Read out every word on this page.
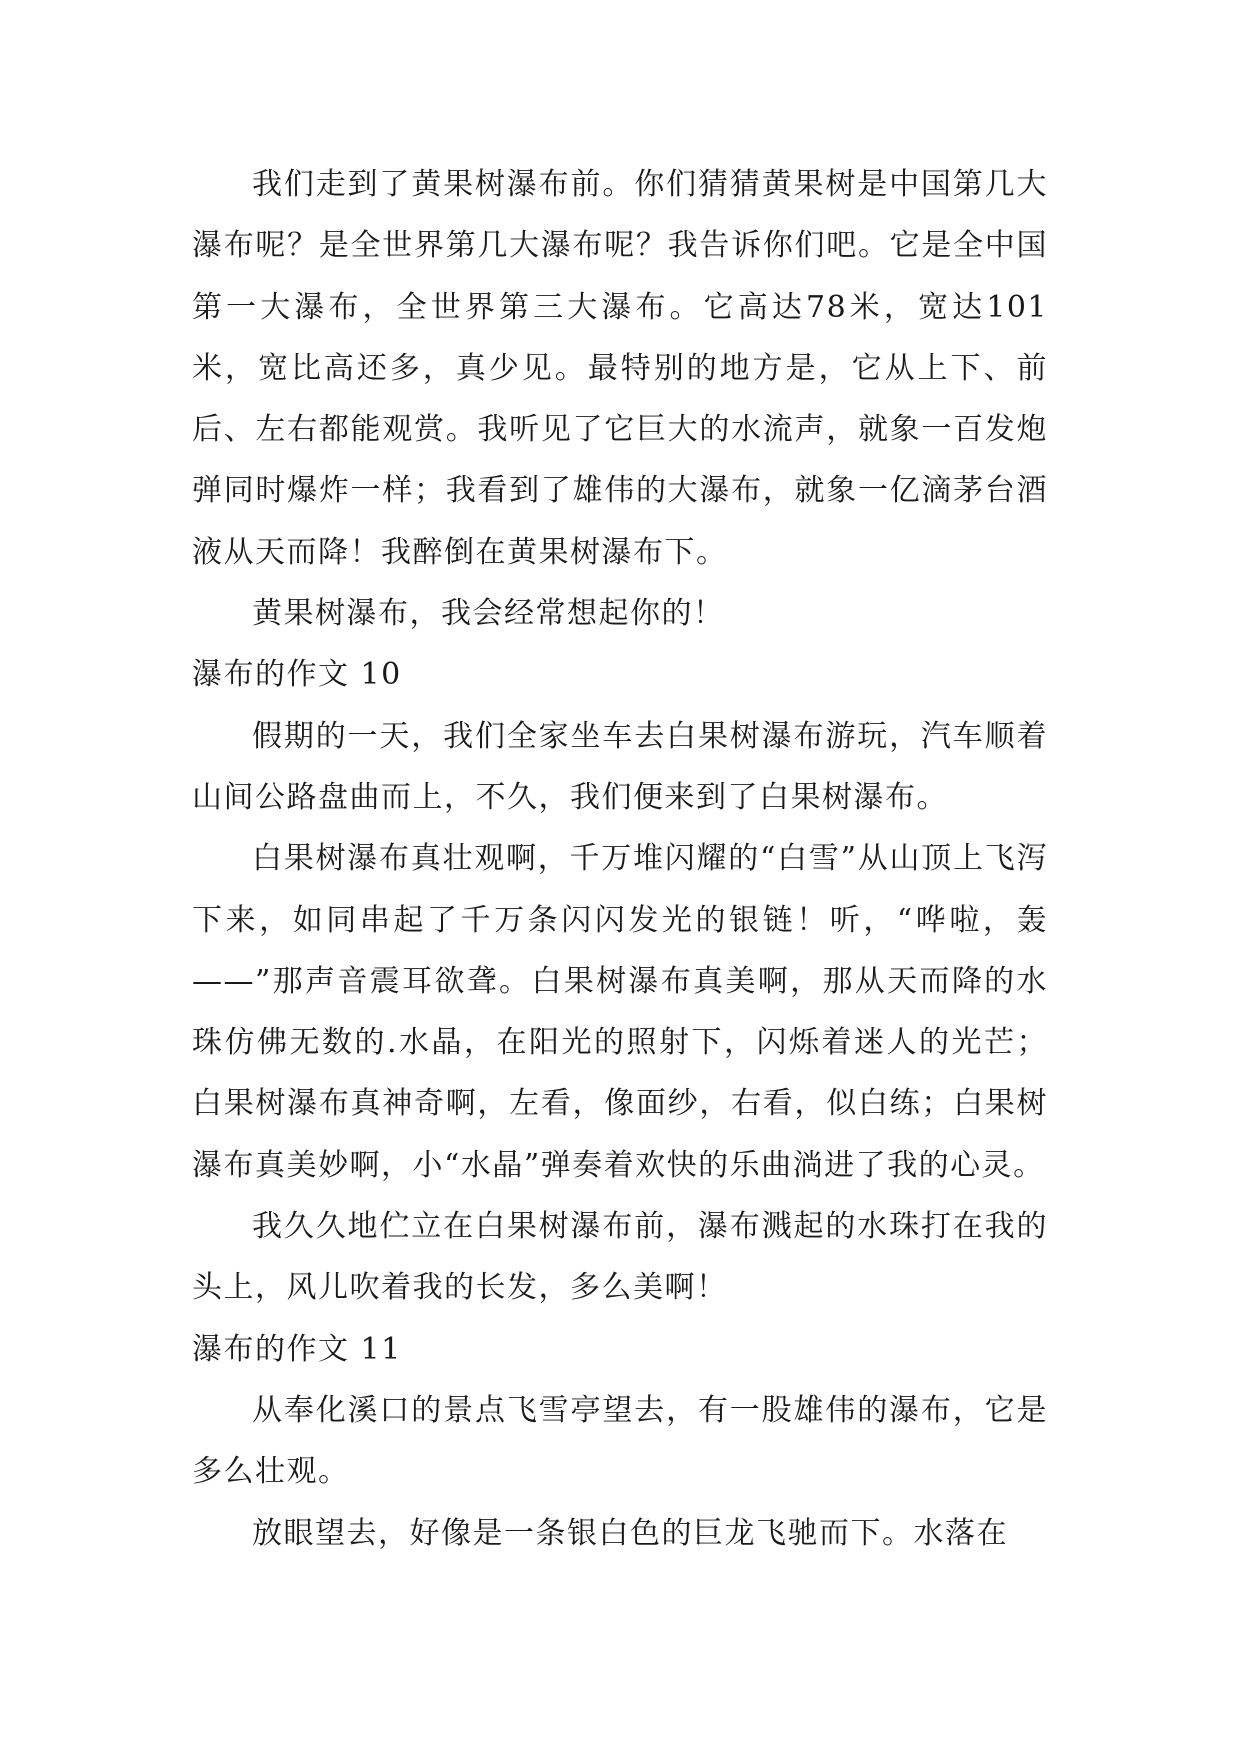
我们走到了黄果树瀑布前。你们猜猜黄果树是中国第几大瀑布呢？是全世界第几大瀑布呢？我告诉你们吧。它是全中国第一大瀑布，全世界第三大瀑布。它高达78米，宽达101米，宽比高还多，真少见。最特别的地方是，它从上下、前后、左右都能观赏。我听见了它巨大的水流声，就象一百发炮弹同时爆炸一样；我看到了雄伟的大瀑布，就象一亿滴茅台酒液从天而降！我醉倒在黄果树瀑布下。

黄果树瀑布，我会经常想起你的！

瀑布的作文 10

假期的一天，我们全家坐车去白果树瀑布游玩，汽车顺着山间公路盘曲而上，不久，我们便来到了白果树瀑布。

白果树瀑布真壮观啊，千万堆闪耀的“白雪”从山顶上飞泻下来，如同串起了千万条闪闪发光的银链！听，“哗啦，轰——”那声音震耳欲聋。白果树瀑布真美啊，那从天而降的水珠仿佛无数的.水晶，在阳光的照射下，闪烁着迷人的光芒；白果树瀑布真神奇啊，左看，像面纱，右看，似白练；白果树瀑布真美妙啊，小“水晶”弹奏着欢快的乐曲淌进了我的心灵。

我久久地伫立在白果树瀑布前，瀑布溅起的水珠打在我的头上，风儿吹着我的长发，多么美啊！

瀑布的作文 11

从奉化溪口的景点飞雪亭望去，有一股雄伟的瀑布，它是多么壮观。

放眼望去，好像是一条银白色的巨龙飞驰而下。水落在
